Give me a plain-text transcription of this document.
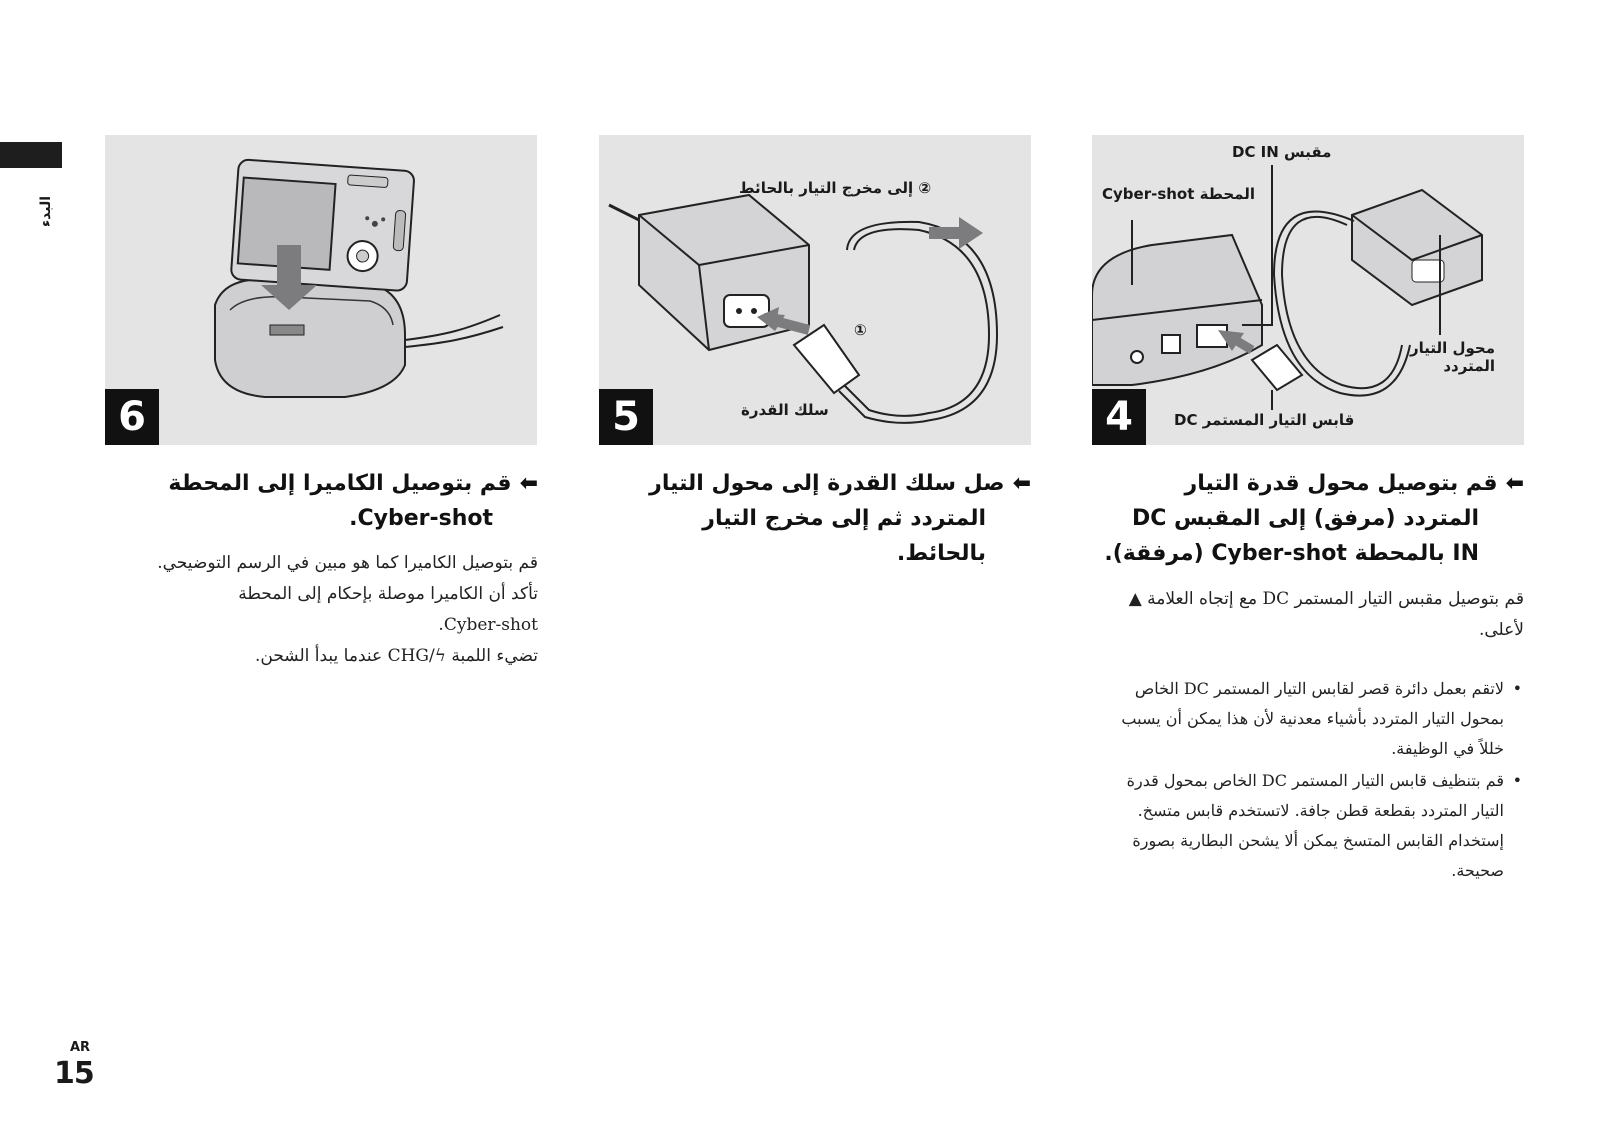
البدء
6
⬅قم بتوصيل الكاميرا إلى المحطة
Cyber-shot.
قم بتوصيل الكاميرا كما هو مبين في الرسم التوضيحي.
تأكد أن الكاميرا موصلة بإحكام إلى المحطة
Cyber-shot.
تضيء اللمبة CHG/ϟ عندما يبدأ الشحن.
② إلى مخرج التيار بالحائط
①
سلك القدرة
5
⬅صل سلك القدرة إلى محول التيار
المتردد ثم إلى مخرج التيار
بالحائط.
مقبس DC IN
المحطة Cyber-shot
محول التيار
المتردد
قابس التيار المستمر DC
4
⬅قم بتوصيل محول قدرة التيار
المتردد (مرفق) إلى المقبس DC
IN بالمحطة Cyber-shot (مرفقة).
قم بتوصيل مقبس التيار المستمر DC مع إتجاه العلامة ▲
لأعلى.
• لاتقم بعمل دائرة قصر لقابس التيار المستمر DC الخاص
بمحول التيار المتردد بأشياء معدنية لأن هذا يمكن أن يسبب
خللاً في الوظيفة.
• قم بتنظيف قابس التيار المستمر DC الخاص بمحول قدرة
التيار المتردد بقطعة قطن جافة. لاتستخدم قابس متسخ.
إستخدام القابس المتسخ يمكن ألا يشحن البطارية بصورة
صحيحة.
AR
15
